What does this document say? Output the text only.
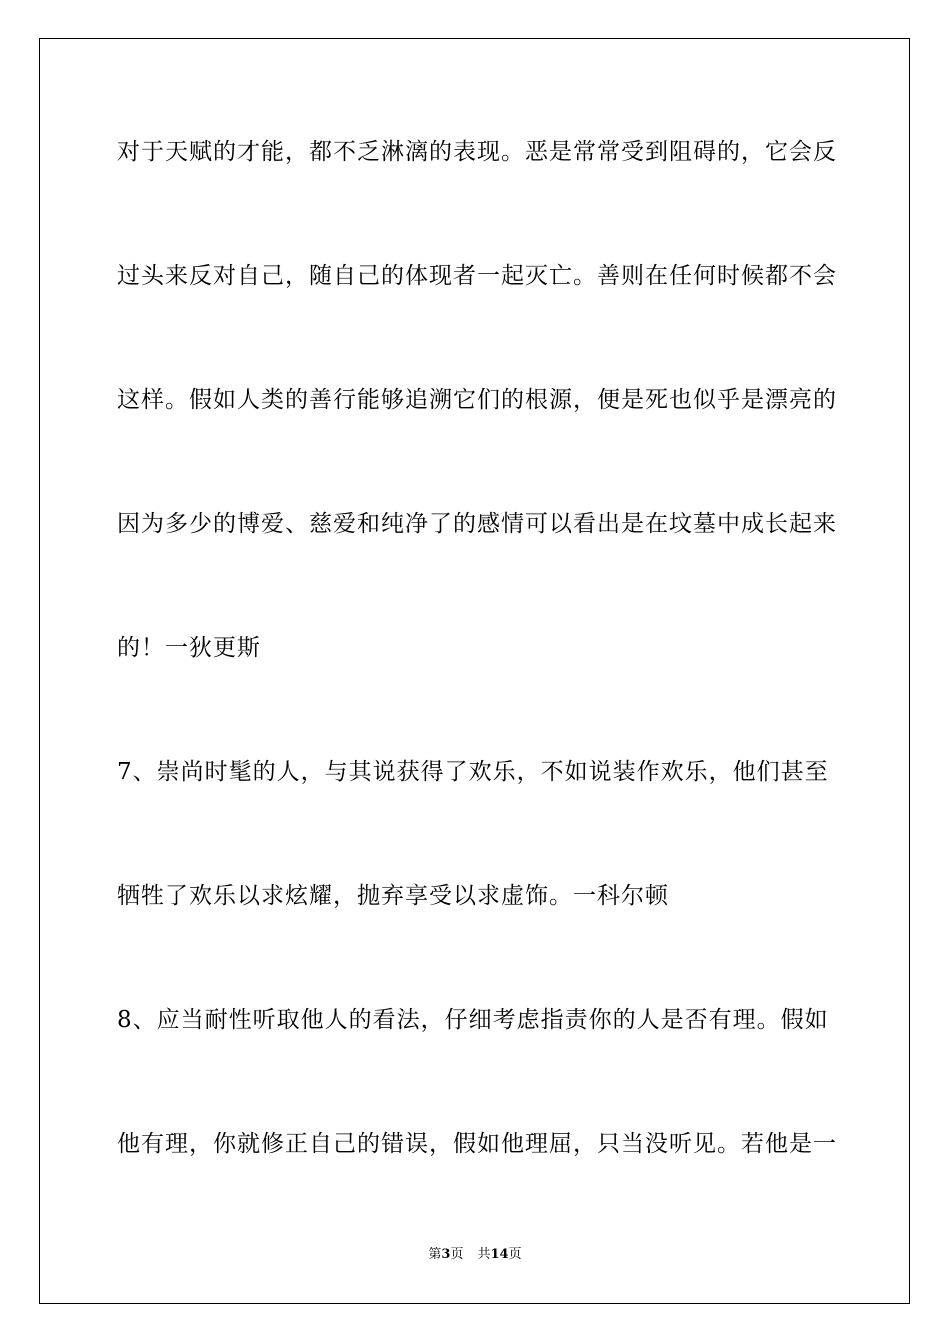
对于天赋的才能，都不乏淋漓的表现。恶是常常受到阻碍的，它会反
过头来反对自己，随自己的体现者一起灭亡。善则在任何时候都不会
这样。假如人类的善行能够追溯它们的根源，便是死也似乎是漂亮的
因为多少的博爱、慈爱和纯净了的感情可以看出是在坟墓中成长起来
的！一狄更斯
7、崇尚时髦的人，与其说获得了欢乐，不如说装作欢乐，他们甚至
牺牲了欢乐以求炫耀，抛弃享受以求虚饰。一科尔顿
8、应当耐性听取他人的看法，仔细考虑指责你的人是否有理。假如
他有理，你就修正自己的错误，假如他理屈，只当没听见。若他是一
第3页 共14页
